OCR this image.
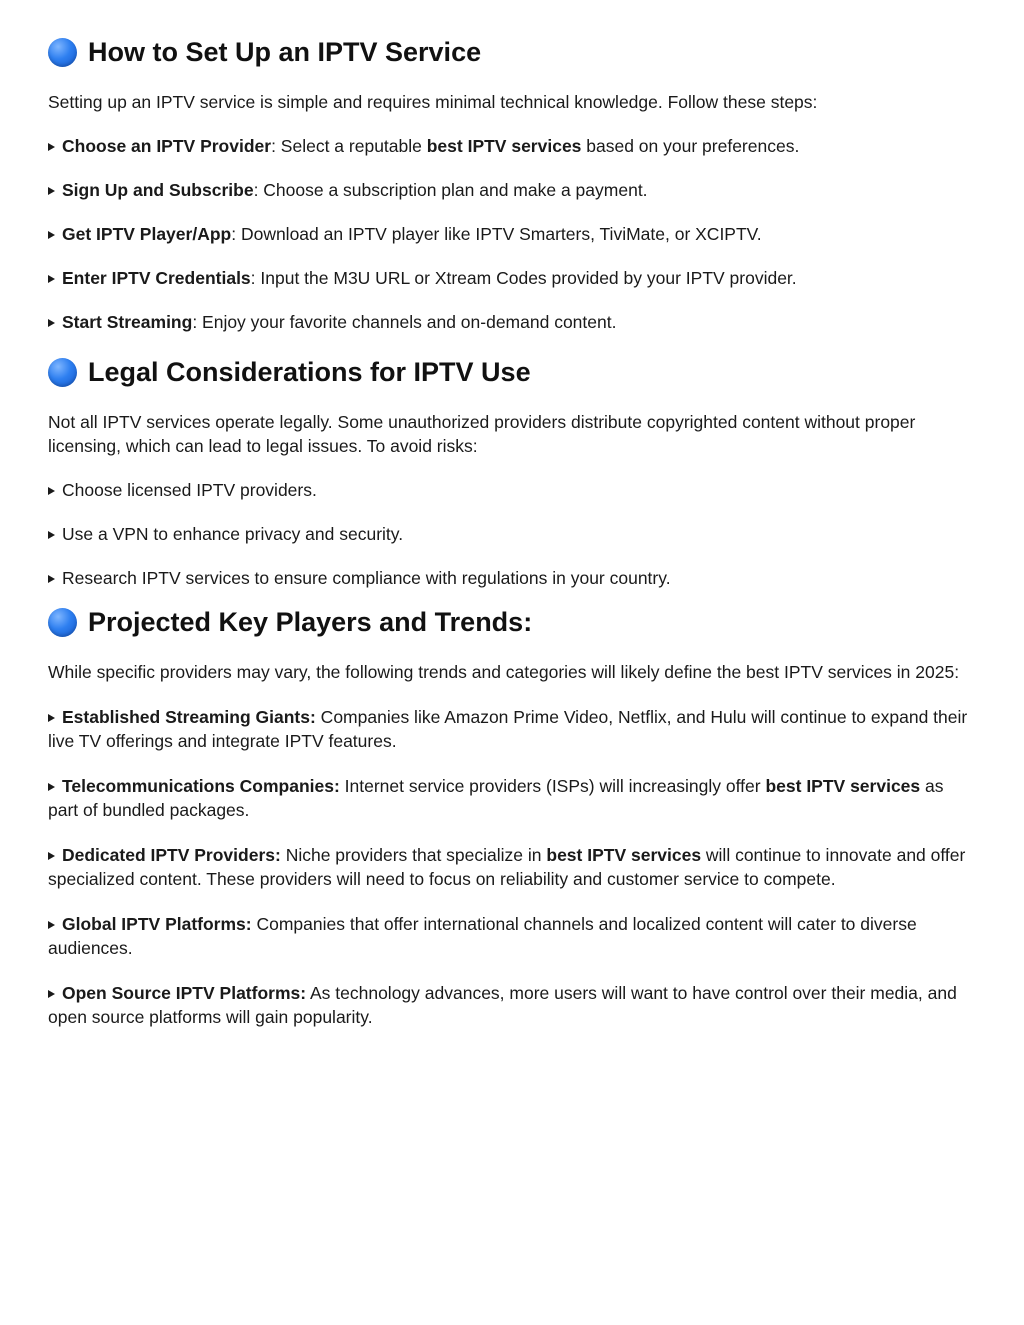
How to Set Up an IPTV Service

Setting up an IPTV service is simple and requires minimal technical knowledge. Follow these steps:

Choose an IPTV Provider: Select a reputable best IPTV services based on your preferences.

Sign Up and Subscribe: Choose a subscription plan and make a payment.

Get IPTV Player/App: Download an IPTV player like IPTV Smarters, TiviMate, or XCIPTV.

Enter IPTV Credentials: Input the M3U URL or Xtream Codes provided by your IPTV provider.

Start Streaming: Enjoy your favorite channels and on-demand content.

Legal Considerations for IPTV Use

Not all IPTV services operate legally. Some unauthorized providers distribute copyrighted content without proper licensing, which can lead to legal issues. To avoid risks:

Choose licensed IPTV providers.

Use a VPN to enhance privacy and security.

Research IPTV services to ensure compliance with regulations in your country.

Projected Key Players and Trends:

While specific providers may vary, the following trends and categories will likely define the best IPTV services in 2025:

Established Streaming Giants: Companies like Amazon Prime Video, Netflix, and Hulu will continue to expand their live TV offerings and integrate IPTV features.

Telecommunications Companies: Internet service providers (ISPs) will increasingly offer best IPTV services as part of bundled packages.

Dedicated IPTV Providers: Niche providers that specialize in best IPTV services will continue to innovate and offer specialized content. These providers will need to focus on reliability and customer service to compete.

Global IPTV Platforms: Companies that offer international channels and localized content will cater to diverse audiences.

Open Source IPTV Platforms: As technology advances, more users will want to have control over their media, and open source platforms will gain popularity.
